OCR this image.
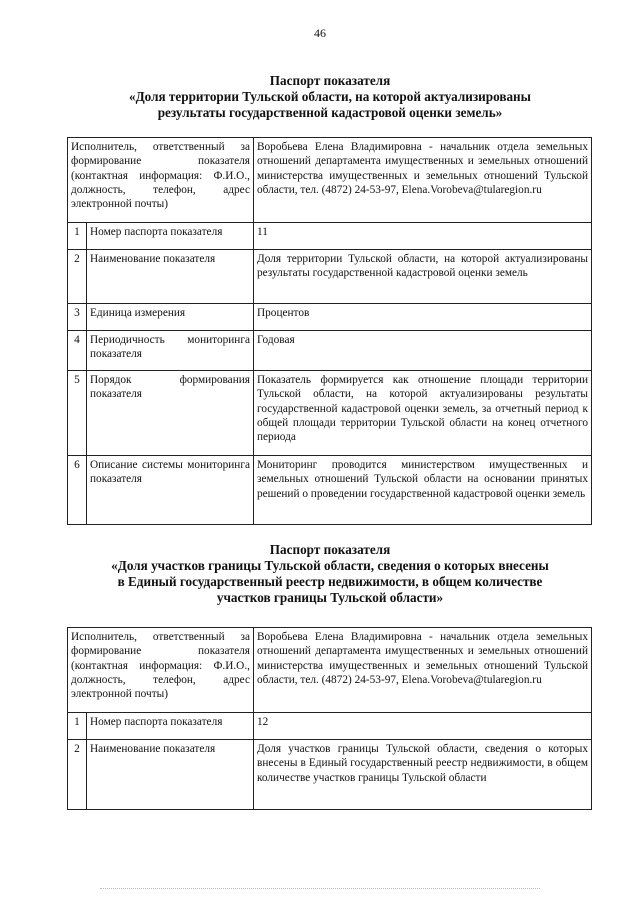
46
Паспорт показателя
«Доля территории Тульской области, на которой актуализированы
результаты государственной кадастровой оценки земель»
Исполнитель, ответственный за формирование показателя (контактная информация: Ф.И.О., должность, телефон, адрес электронной почты)		Воробьева Елена Владимировна - начальник отдела земельных отношений департамента имущественных и земельных отношений министерства имущественных и земельных отношений Тульской области, тел. (4872) 24-53-97, Elena.Vorobeva@tularegion.ru
1	Номер паспорта показателя	11
2	Наименование показателя	Доля территории Тульской области, на которой актуализированы результаты государственной кадастровой оценки земель
3	Единица измерения	Процентов
4	Периодичность мониторинга показателя	Годовая
5	Порядок формирования показателя	Показатель формируется как отношение площади территории Тульской области, на которой актуализированы результаты государственной кадастровой оценки земель, за отчетный период к общей площади территории Тульской области на конец отчетного периода
6	Описание системы мониторинга показателя	Мониторинг проводится министерством имущественных и земельных отношений Тульской области на основании принятых решений о проведении государственной кадастровой оценки земель
Паспорт показателя
«Доля участков границы Тульской области, сведения о которых внесены
в Единый государственный реестр недвижимости, в общем количестве
участков границы Тульской области»
Исполнитель, ответственный за формирование показателя (контактная информация: Ф.И.О., должность, телефон, адрес электронной почты)		Воробьева Елена Владимировна - начальник отдела земельных отношений департамента имущественных и земельных отношений министерства имущественных и земельных отношений Тульской области, тел. (4872) 24-53-97, Elena.Vorobeva@tularegion.ru
1	Номер паспорта показателя	12
2	Наименование показателя	Доля участков границы Тульской области, сведения о которых внесены в Единый государственный реестр недвижимости, в общем количестве участков границы Тульской области
